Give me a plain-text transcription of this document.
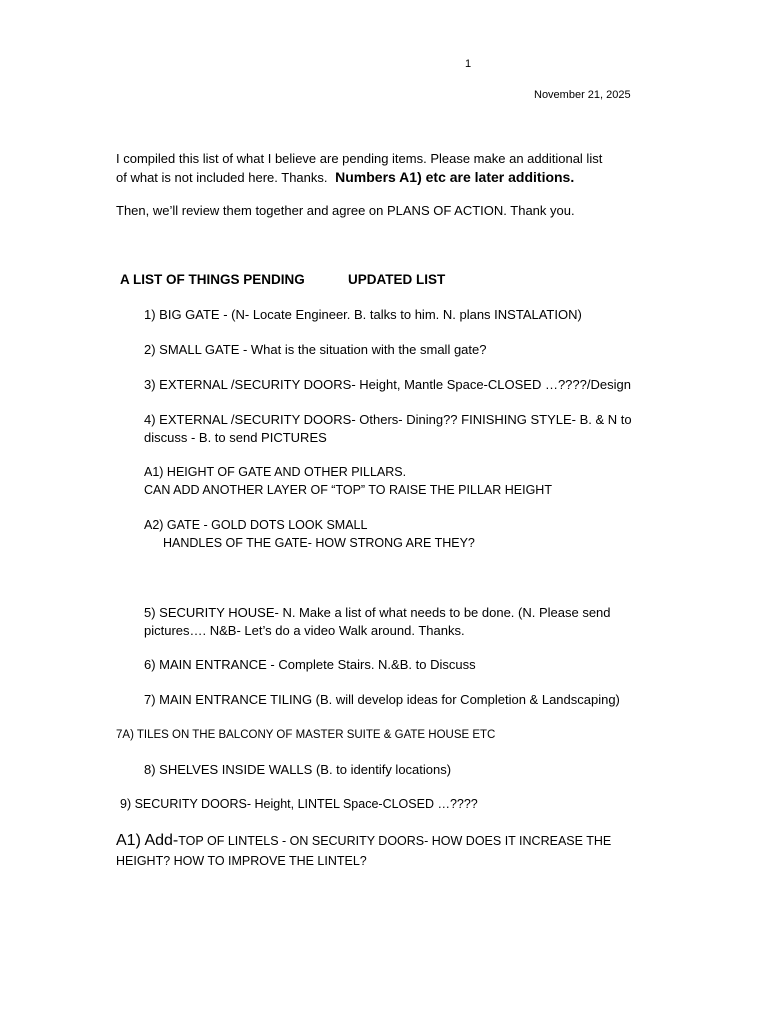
1
November 21, 2025
I compiled this list of what I believe are pending items. Please make an additional list
of what is not included here. Thanks. Numbers A1) etc are later additions.
Then, we’ll review them together and agree on PLANS OF ACTION. Thank you.
A LIST OF THINGS PENDING	UPDATED LIST
1) BIG GATE - (N- Locate Engineer. B. talks to him. N. plans INSTALATION)
2) SMALL GATE - What is the situation with the small gate?
3) EXTERNAL /SECURITY DOORS- Height, Mantle Space-CLOSED …????/Design
4) EXTERNAL /SECURITY DOORS- Others- Dining?? FINISHING STYLE- B. & N to
discuss - B. to send PICTURES
A1) HEIGHT OF GATE AND OTHER PILLARS.
CAN ADD ANOTHER LAYER OF “TOP” TO RAISE THE PILLAR HEIGHT
A2) GATE - GOLD DOTS LOOK SMALL
HANDLES OF THE GATE- HOW STRONG ARE THEY?
5) SECURITY HOUSE- N. Make a list of what needs to be done. (N. Please send
pictures…. N&B- Let’s do a video Walk around. Thanks.
6) MAIN ENTRANCE - Complete Stairs. N.&B. to Discuss
7) MAIN ENTRANCE TILING (B. will develop ideas for Completion & Landscaping)
7A) TILES ON THE BALCONY OF MASTER SUITE & GATE HOUSE ETC
8) SHELVES INSIDE WALLS (B. to identify locations)
9) SECURITY DOORS- Height, LINTEL Space-CLOSED …????
A1) Add-TOP OF LINTELS - ON SECURITY DOORS- HOW DOES IT INCREASE THE
HEIGHT? HOW TO IMPROVE THE LINTEL?
